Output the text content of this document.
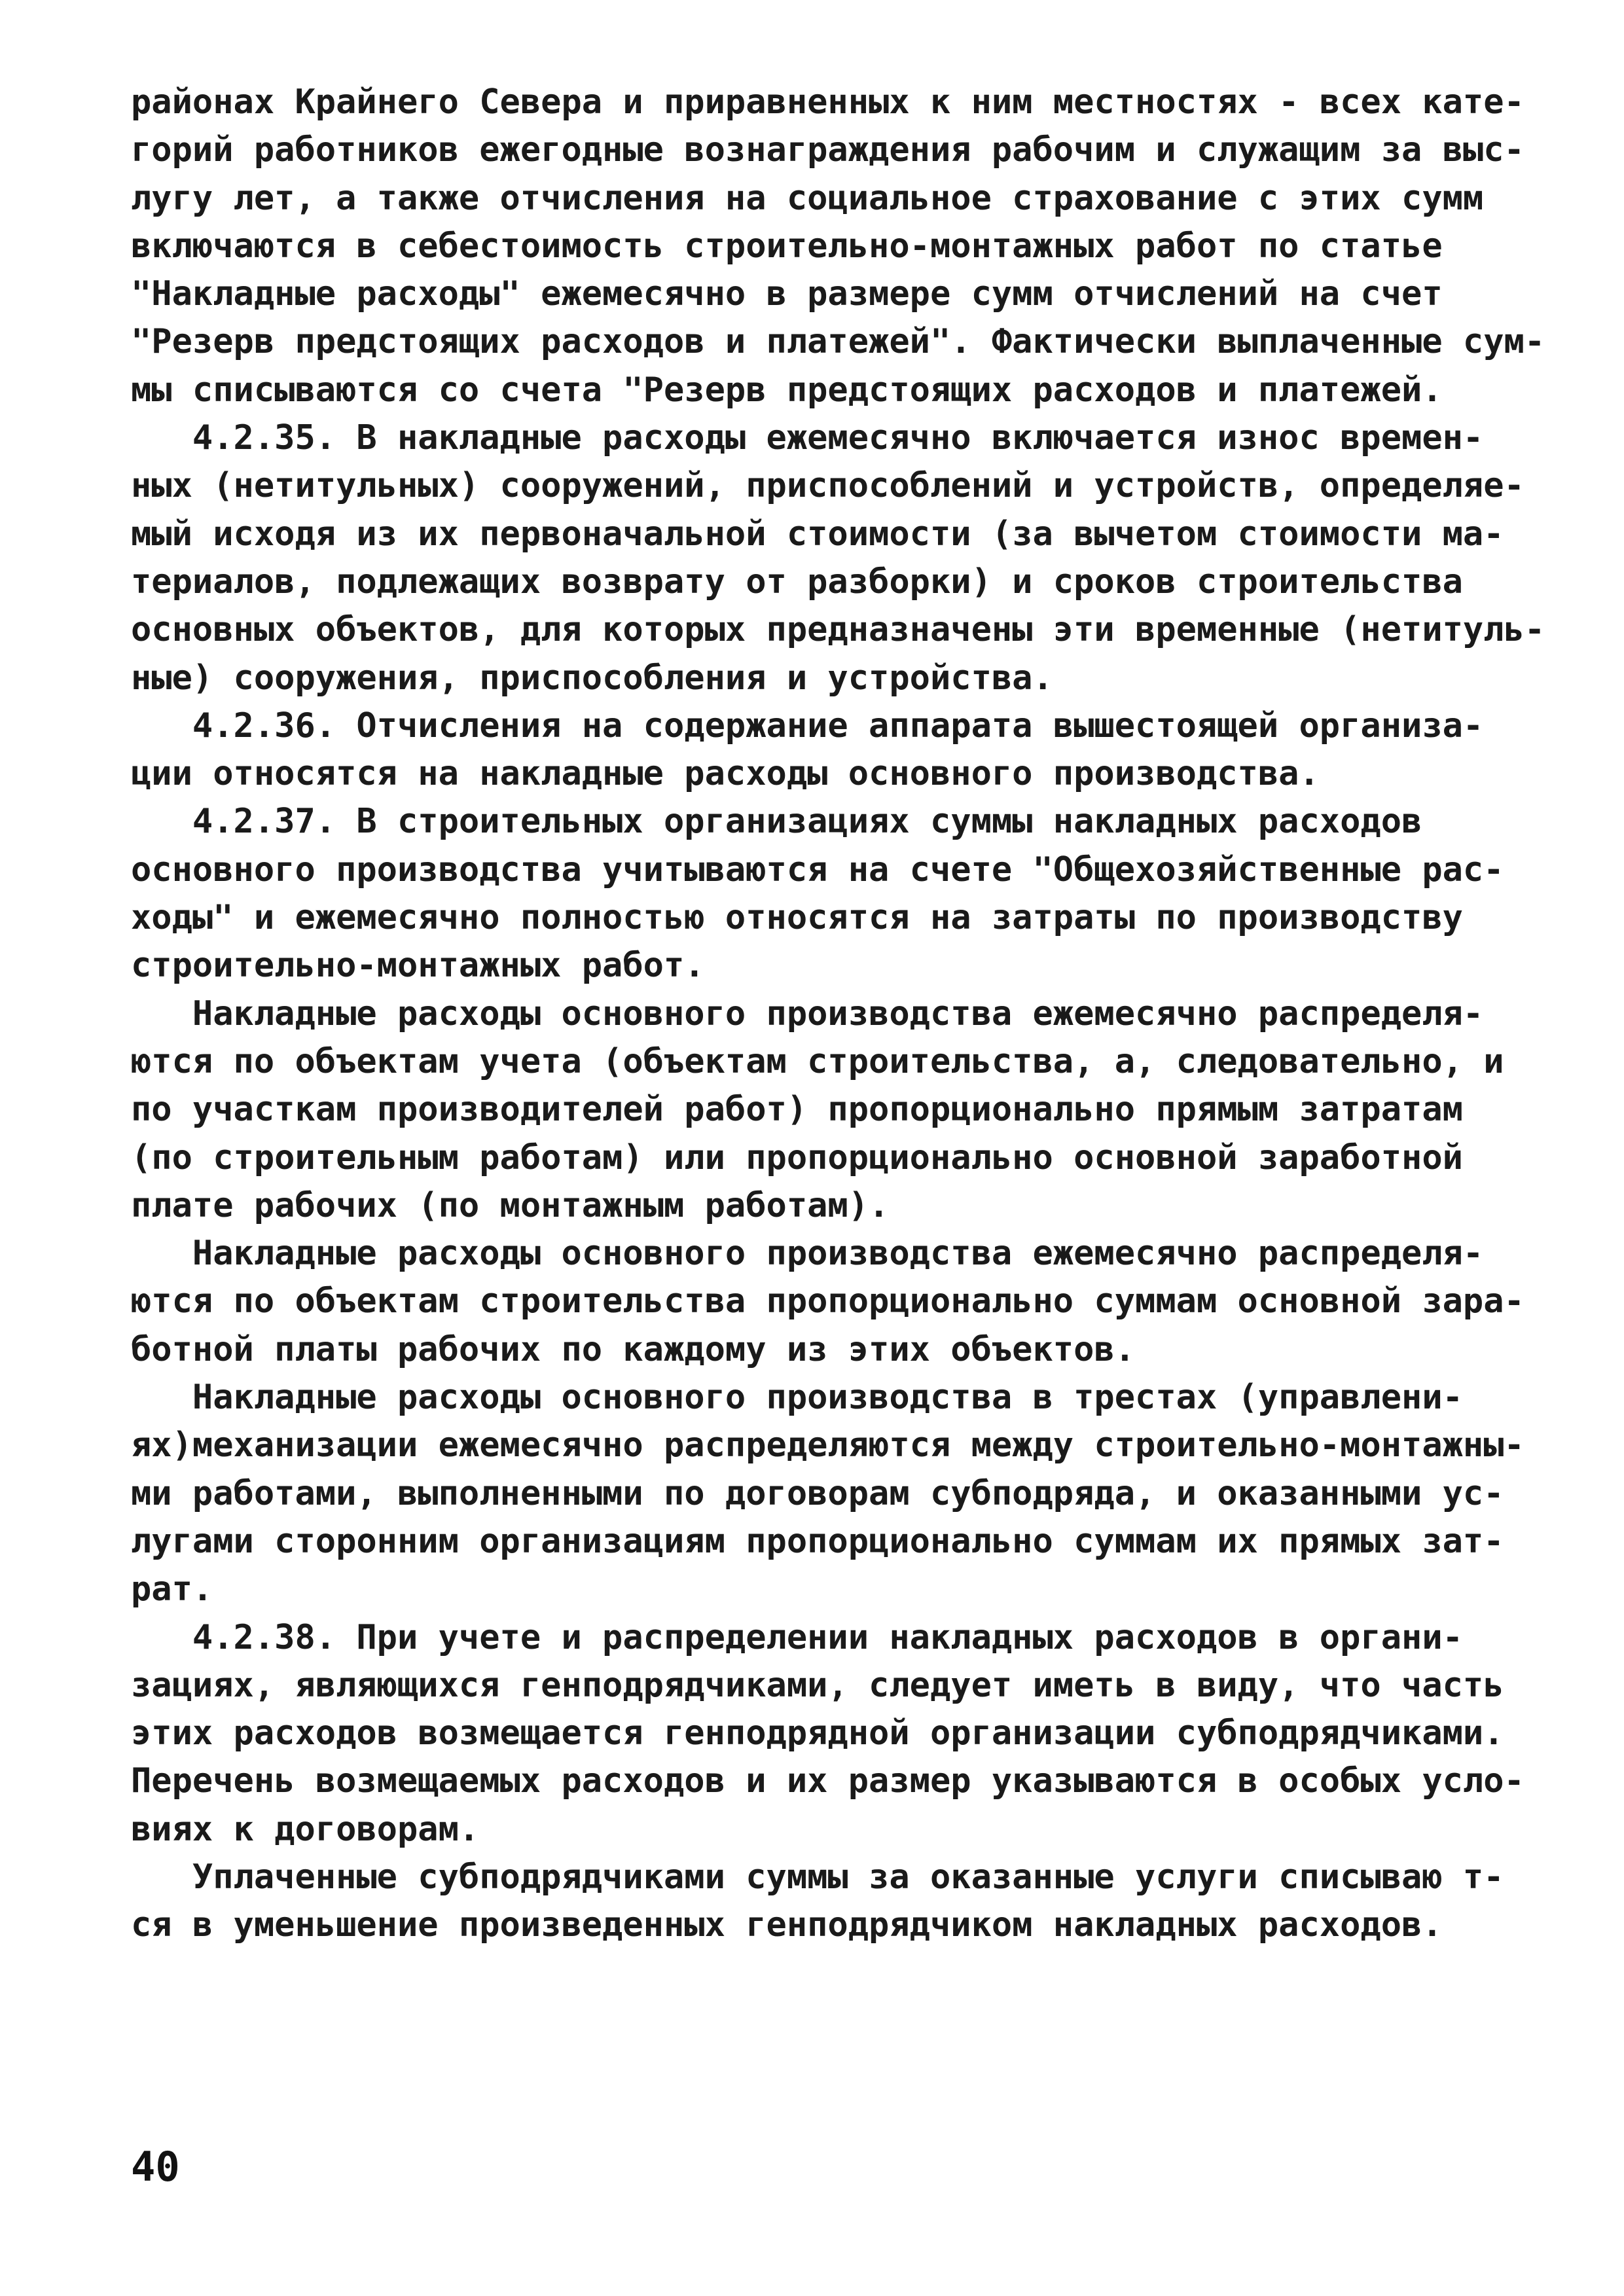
районах Крайнего Севера и приравненных к ним местностях - всех кате-
горий работников ежегодные вознаграждения рабочим и служащим за выс-
лугу лет, а также отчисления на социальное страхование с этих сумм
включаются в себестоимость строительно-монтажных работ по статье
"Накладные расходы" ежемесячно в размере сумм отчислений на счет
"Резерв предстоящих расходов и платежей". Фактически выплаченные сум-
мы списываются со счета "Резерв предстоящих расходов и платежей.
4.2.35. В накладные расходы ежемесячно включается износ времен-
ных (нетитульных) сооружений, приспособлений и устройств, определяе-
мый исходя из их первоначальной стоимости (за вычетом стоимости ма-
териалов, подлежащих возврату от разборки) и сроков строительства
основных объектов, для которых предназначены эти временные (нетитуль-
ные) сооружения, приспособления и устройства.
4.2.36. Отчисления на содержание аппарата вышестоящей организа-
ции относятся на накладные расходы основного производства.
4.2.37. В строительных организациях суммы накладных расходов
основного производства учитываются на счете "Общехозяйственные рас-
ходы" и ежемесячно полностью относятся на затраты по производству
строительно-монтажных работ.
Накладные расходы основного производства ежемесячно распределя-
ются по объектам учета (объектам строительства, а, следовательно, и
по участкам производителей работ) пропорционально прямым затратам
(по строительным работам) или пропорционально основной заработной
плате рабочих (по монтажным работам).
Накладные расходы основного производства ежемесячно распределя-
ются по объектам строительства пропорционально суммам основной зара-
ботной платы рабочих по каждому из этих объектов.
Накладные расходы основного производства в трестах (управлени-
ях)механизации ежемесячно распределяются между строительно-монтажны-
ми работами, выполненными по договорам субподряда, и оказанными ус-
лугами сторонним организациям пропорционально суммам их прямых зат-
рат.
4.2.38. При учете и распределении накладных расходов в органи-
зациях, являющихся генподрядчиками, следует иметь в виду, что часть
этих расходов возмещается генподрядной организации субподрядчиками.
Перечень возмещаемых расходов и их размер указываются в особых усло-
виях к договорам.
Уплаченные субподрядчиками суммы за оказанные услуги списываю т-
ся в уменьшение произведенных генподрядчиком накладных расходов.
40
